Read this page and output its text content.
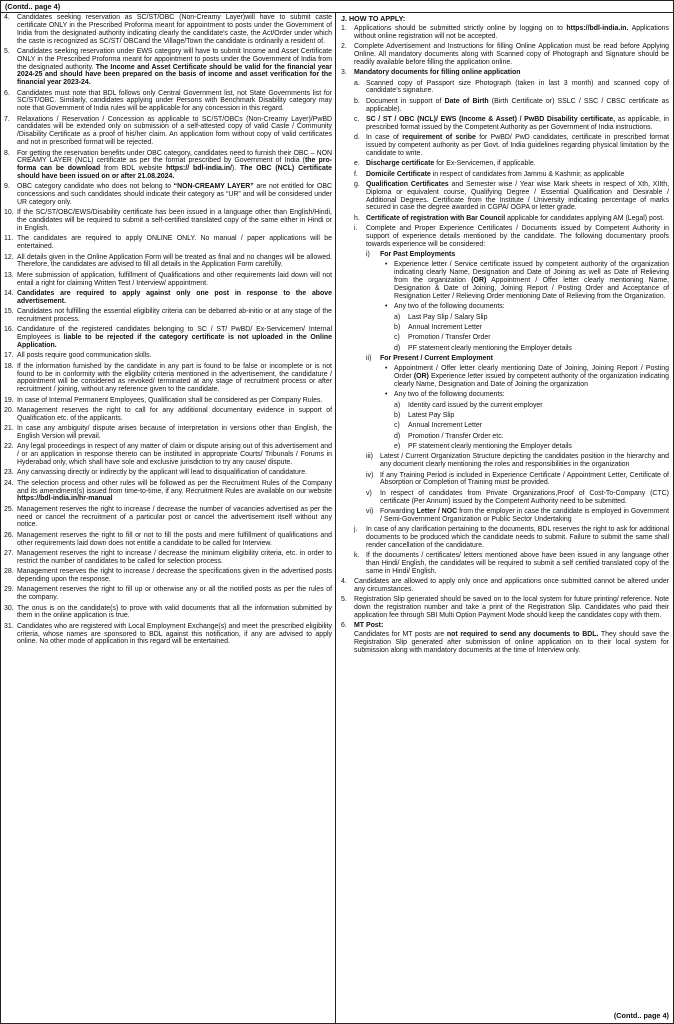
(Contd.. page 4)
4.	Candidates seeking reservation as SC/ST/OBC (Non-Creamy Layer)will have to submit caste certificate ONLY in the Prescribed Proforma meant for appointment to posts under the Government of India from the designated authority indicating clearly the candidate's caste, the Act/Order under which the caste is recognized as SC/ST/ OBCand the Village/Town the candidate is ordinarily a resident of.
5.	Candidates seeking reservation under EWS category will have to submit Income and Asset Certificate ONLY in the Prescribed Proforma meant for appointment to posts under the Government of India from the designated authority. The Income and Asset Certificate should be valid for the financial year 2024-25 and should have been prepared on the basis of income and asset verification for the financial year 2023-24.
6.	Candidates must note that BDL follows only Central Government list, not State Governments list for SC/ST/OBC. Similarly, candidates applying under Persons with Benchmark Disability category may note that Government of India rules will be applicable for any concession in this regard.
7.	Relaxations / Reservation / Concession as applicable to SC/ST/OBCs (Non-Creamy Layer)/PwBD candidates will be extended only on submission of a self-attested copy of valid Caste / Community /Disability Certificate as a proof of his/her claim. An application form without copy of valid certificates and not in prescribed format will be rejected.
8.	For getting the reservation benefits under OBC category, candidates need to furnish their OBC – NON CREAMY LAYER (NCL) certificate as per the format prescribed by Government of India (the pro-forma can be download from BDL website https:// bdl-india.in/). The OBC (NCL) Certificate should have been issued on or after 21.08.2024.
9.	OBC category candidate who does not belong to “NON-CREAMY LAYER” are not entitled for OBC concessions and such candidates should indicate their category as “UR” and will be considered under UR category only.
10. If the SC/ST/OBC/EWS/Disability certificate has been issued in a language other than English/Hindi, the candidates will be required to submit a self-certified translated copy of the same either in Hindi or in English.
11. The candidates are required to apply ONLINE ONLY. No manual / paper applications will be entertained.
12. All details given in the Online Application Form will be treated as final and no changes will be allowed. Therefore, the candidates are advised to fill all details in the Application Form carefully.
13. Mere submission of application, fulfillment of Qualifications and other requirements laid down will not entail a right for claiming Written Test / Interview/ appointment.
14. Candidates are required to apply against only one post in response to the above advertisement.
15. Candidates not fulfilling the essential eligibility criteria can be debarred ab-initio or at any stage of the recruitment process.
16. Candidature of the registered candidates belonging to SC / ST/ PwBD/ Ex-Servicemen/ Internal Employees is liable to be rejected if the category certificate is not uploaded in the Online Application.
17. All posts require good communication skills.
18. If the information furnished by the candidate in any part is found to be false or incomplete or is not found to be in conformity with the eligibility criteria mentioned in the advertisement, the candidature / appointment will be considered as revoked/ terminated at any stage of recruitment process or after recruitment / joining, without any reference given to the candidate.
19. In case of Internal Permanent Employees, Qualification shall be considered as per Company Rules.
20. Management reserves the right to call for any additional documentary evidence in support of Qualification etc. of the applicants.
21. In case any ambiguity/ dispute arises because of interpretation in versions other than English, the English Version will prevail.
22. Any legal proceedings in respect of any matter of claim or dispute arising out of this advertisement and / or an application in response thereto can be instituted in appropriate Courts/ Tribunals / Forums in Hyderabad only, which shall have sole and exclusive jurisdiction to try any cause/ dispute.
23. Any canvassing directly or indirectly by the applicant will lead to disqualification of candidature.
24. The selection process and other rules will be followed as per the Recruitment Rules of the Company and its amendment(s) issued from time-to-time, if any. Recruitment Rules are available on our website https://bdl-india.in/hr-manual
25. Management reserves the right to increase / decrease the number of vacancies advertised as per the need or cancel the recruitment of a particular post or cancel the advertisement itself without any notice.
26. Management reserves the right to fill or not to fill the posts and mere fulfillment of qualifications and other requirements laid down does not entitle a candidate to be called for Interview.
27. Management reserves the right to increase / decrease the minimum eligibility criteria, etc. in order to restrict the number of candidates to be called for selection process.
28. Management reserves the right to increase / decrease the specifications given in the advertised posts depending upon the response.
29. Management reserves the right to fill up or otherwise any or all the notified posts as per the rules of the company.
30. The onus is on the candidate(s) to prove with valid documents that all the information submitted by them in the online application is true.
31. Candidates who are registered with Local Employment Exchange(s) and meet the prescribed eligibility criteria, whose names are sponsored to BDL against this notification, if any are advised to apply online. No other mode of application in this regard will be entertained.
J. HOW TO APPLY:
1.	Applications should be submitted strictly online by logging on to https://bdl-india.in. Applications without online registration will not be accepted.
2.	Complete Advertisement and Instructions for filling Online Application must be read before Applying Online. All mandatory documents along with Scanned copy of Photograph and Signature should be readily available before filling the application online.
3.	Mandatory documents for filling online application
a. Scanned copy of Passport size Photograph (taken in last 3 month) and scanned copy of candidate’s signature.
b. Document in support of Date of Birth (Birth Certificate or) SSLC / SSC / CBSC certificate as applicable).
c. SC / ST / OBC (NCL)/ EWS (Income & Asset) / PwBD Disability certificate, as applicable, in prescribed format issued by the Competent Authority as per Government of India instructions.
d. In case of requirement of scribe for PwBD/ PwD candidates, certificate in prescribed format issued by competent authority as per Govt. of India guidelines regarding physical limitation by the candidate to write.
e. Discharge certificate for Ex-Servicemen, if applicable.
f.	Domicile Certificate in respect of candidates from Jammu & Kashmir, as applicable
g. Qualification Certificates and Semester wise / Year wise Mark sheets in respect of Xth, XIIth, Diploma or equivalent course, Qualifying Degree / Essential Qualification and Desirable / Additional Degrees. Certificate from the Institute / University indicating percentage of marks secured in case the degree awarded in CGPA/ OGPA or letter grade.
h. Certificate of registration with Bar Council applicable for candidates applying AM (Legal) post.
i.	Complete and Proper Experience Certificates / Documents issued by Competent Authority in support of experience details mentioned by the candidate. The following documentary proofs towards experience will be considered:
i)	For Past Employments
• Experience letter / Service certificate issued by competent authority of the organization indicating clearly Name, Designation and Date of Joining as well as Date of Relieving from the organization (OR) Appointment / Offer letter clearly mentioning Name, Designation & Date of Joining, Joining Report / Posting Order and Acceptance of Resignation Letter / Relieving Order mentioning Date of Relieving from the Organization.
• Any two of the following documents:
a)	Last Pay Slip / Salary Slip
b)	Annual Increment Letter
c)	Promotion / Transfer Order
d)	PF statement clearly mentioning the Employer details
ii)	For Present / Current Employment
• Appointment / Offer letter clearly mentioning Date of Joining, Joining Report / Posting Order (OR) Experience letter issued by competent authority of the organization indicating clearly Name, Designation and Date of Joining the organization
• Any two of the following documents:
a)	Identity card issued by the current employer
b)	Latest Pay Slip
c)	Annual Increment Letter
d)	Promotion / Transfer Order etc.
e)	PF statement clearly mentioning the Employer details
iii)	Latest / Current Organization Structure depicting the candidates position in the hierarchy and any document clearly mentioning the roles and responsibilities in the organization
iv) If any Training Period is included in Experience Certificate / Appointment Letter, Certificate of Absorption or Completion of Training must be provided.
v)	In respect of candidates from Private Organizations,Proof of Cost-To-Company (CTC) certificate (Per Annum) issued by the Competent Authority need to be submitted.
vi) Forwarding Letter / NOC from the employer in case the candidate is employed in Government / Semi-Government Organization or Public Sector Undertaking
j.	In case of any clarification pertaining to the documents, BDL reserves the right to ask for additional documents to be produced which the candidate needs to submit. Failure to submit the same shall render cancellation of the candidature.
k. If the documents / certificates/ letters mentioned above have been issued in any language other than Hindi/ English, the candidates will be required to submit a self certified translated copy of the same in Hindi/ English.
4.	Candidates are allowed to apply only once and applications once submitted cannot be altered under any circumstances.
5.	Registration Slip generated should be saved on to the local system for future printing/ reference. Note down the registration number and take a print of the Registration Slip. Candidates who paid their application fee through SBI Multi Option Payment Mode should keep the candidates copy with them.
6.	MT Post:
Candidates for MT posts are not required to send any documents to BDL. They should save the Registration Slip generated after submission of online application on to their local system for submission along with mandatory documents at the time of Interview only.
(Contd.. page 4)
